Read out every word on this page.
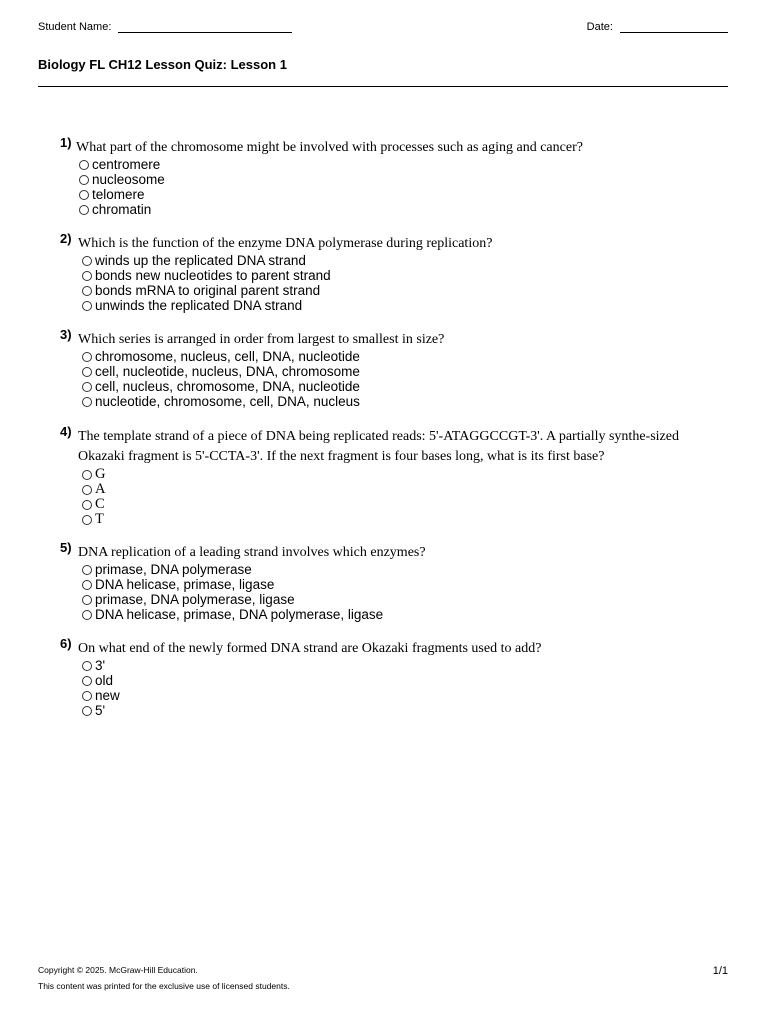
Student Name:	Date:
Biology FL CH12 Lesson Quiz: Lesson 1
1) What part of the chromosome might be involved with processes such as aging and cancer?
centromere
nucleosome
telomere
chromatin
2) Which is the function of the enzyme DNA polymerase during replication?
winds up the replicated DNA strand
bonds new nucleotides to parent strand
bonds mRNA to original parent strand
unwinds the replicated DNA strand
3) Which series is arranged in order from largest to smallest in size?
chromosome, nucleus, cell, DNA, nucleotide
cell, nucleotide, nucleus, DNA, chromosome
cell, nucleus, chromosome, DNA, nucleotide
nucleotide, chromosome, cell, DNA, nucleus
4) The template strand of a piece of DNA being replicated reads: 5'-ATAGGCCGT-3'. A partially synthe-sized Okazaki fragment is 5'-CCTA-3'. If the next fragment is four bases long, what is its first base?
G
A
C
T
5) DNA replication of a leading strand involves which enzymes?
primase, DNA polymerase
DNA helicase, primase, ligase
primase, DNA polymerase, ligase
DNA helicase, primase, DNA polymerase, ligase
6) On what end of the newly formed DNA strand are Okazaki fragments used to add?
3'
old
new
5'
Copyright © 2025. McGraw-Hill Education.
This content was printed for the exclusive use of licensed students.
1/1
